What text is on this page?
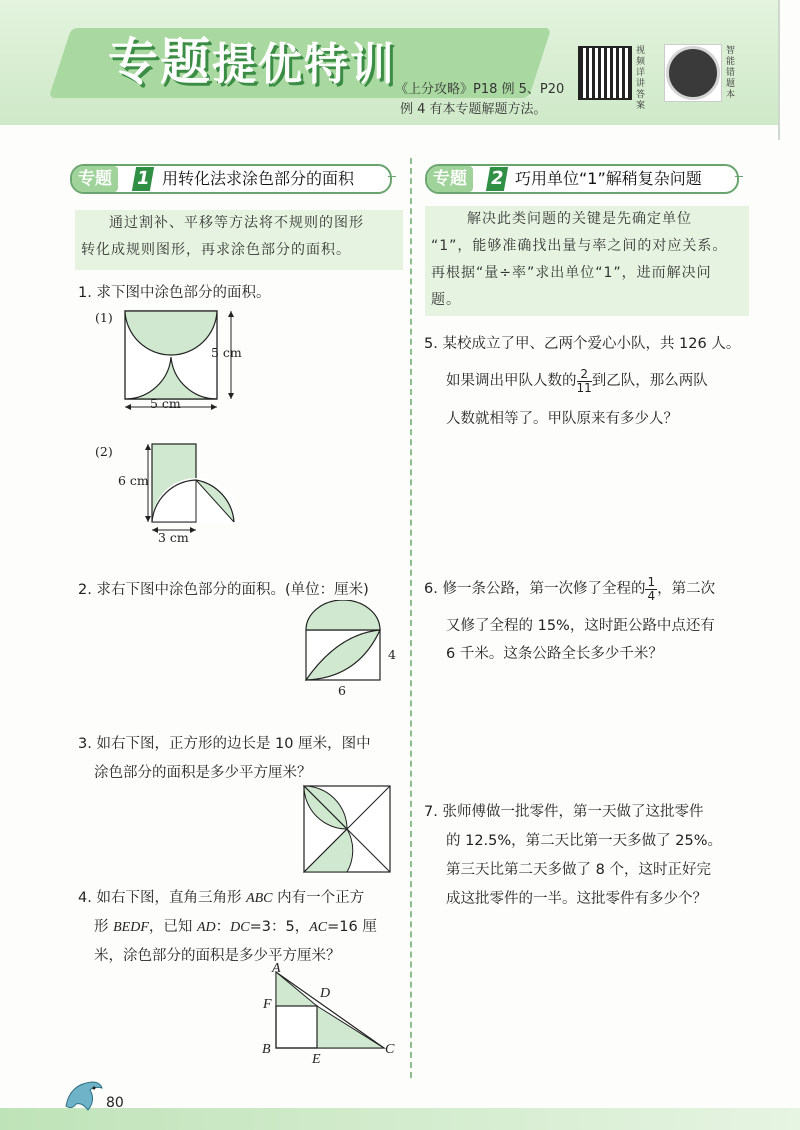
专题提优特训 《上分攻略》P18 例 5、P20
例 4 有本专题解题方法。
视频详讲答案
智能错题本
专题	1 用转化法求涂色部分的面积
通过割补、平移等方法将不规则的图形
转化成规则图形，再求涂色部分的面积。
1. 求下图中涂色部分的面积。
(1)
5 cm
5 cm
(2)
6 cm
3 cm
2. 求右下图中涂色部分的面积。(单位：厘米)
4
6
3. 如右下图，正方形的边长是 10 厘米，图中
涂色部分的面积是多少平方厘米？
4. 如右下图，直角三角形 ABC 内有一个正方
形 BEDF，已知 AD：DC=3：5，AC=16 厘
米，涂色部分的面积是多少平方厘米？
A
F
D
B
E
C
专题	2 巧用单位“1”解稍复杂问题
解决此类问题的关键是先确定单位
“1”，能够准确找出量与率之间的对应关系。
再根据“量÷率”求出单位“1”，进而解决问
题。
5. 某校成立了甲、乙两个爱心小队，共 126 人。
如果调出甲队人数的 $\frac{2}{11}$ 到乙队，那么两队
人数就相等了。甲队原来有多少人？
6. 修一条公路，第一次修了全程的 $\frac{1}{4}$ ，第二次
又修了全程的 15%，这时距公路中点还有
6 千米。这条公路全长多少千米？
7. 张师傅做一批零件，第一天做了这批零件
的 12.5%，第二天比第一天多做了 25%。
第三天比第二天多做了 8 个，这时正好完
成这批零件的一半。这批零件有多少个？
80
